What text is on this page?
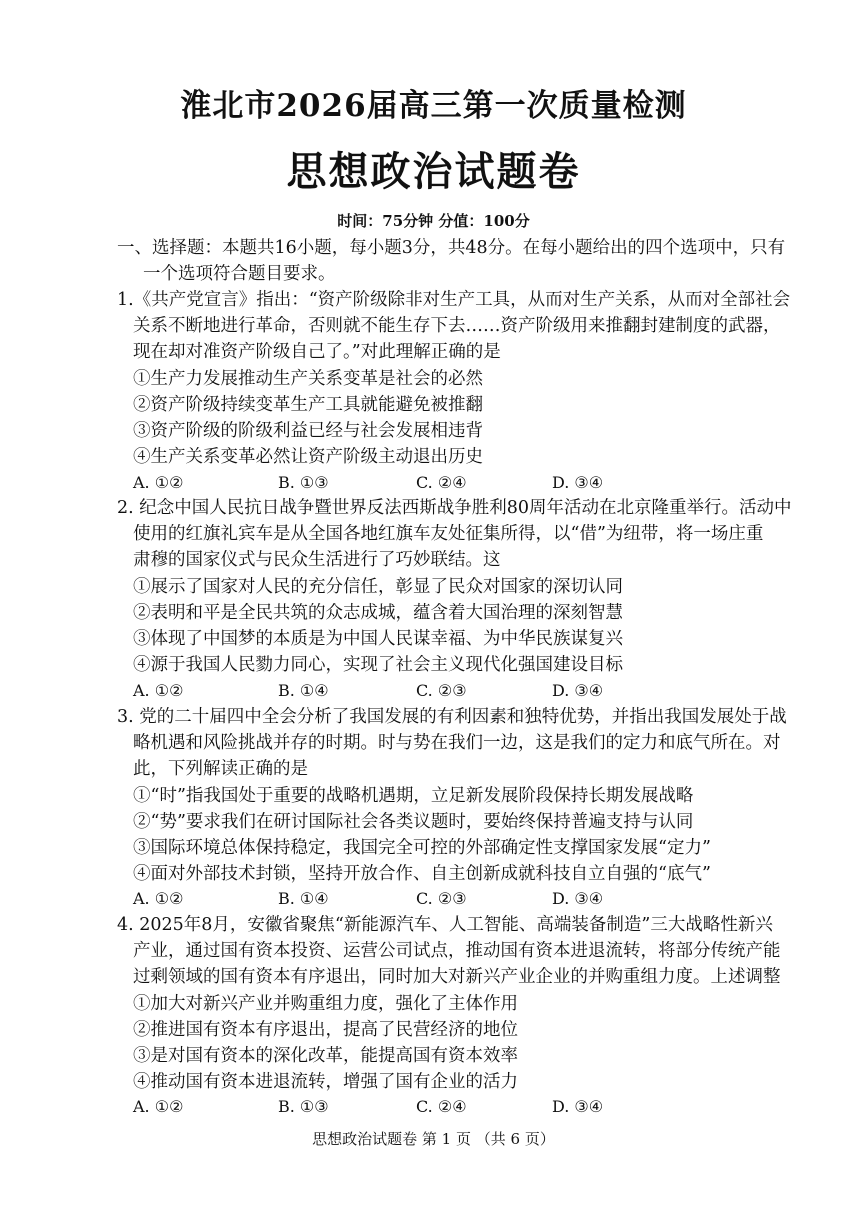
淮北市2026届高三第一次质量检测
思想政治试题卷
时间：75分钟 分值：100分
一、选择题：本题共16小题，每小题3分，共48分。在每小题给出的四个选项中，只有
一个选项符合题目要求。
1.《共产党宣言》指出：“资产阶级除非对生产工具，从而对生产关系，从而对全部社会
关系不断地进行革命，否则就不能生存下去……资产阶级用来推翻封建制度的武器，
现在却对准资产阶级自己了。”对此理解正确的是
①生产力发展推动生产关系变革是社会的必然
②资产阶级持续变革生产工具就能避免被推翻
③资产阶级的阶级利益已经与社会发展相违背
④生产关系变革必然让资产阶级主动退出历史
A. ①②	B. ①③	C. ②④	D. ③④
2. 纪念中国人民抗日战争暨世界反法西斯战争胜利80周年活动在北京隆重举行。活动中
使用的红旗礼宾车是从全国各地红旗车友处征集所得，以“借”为纽带，将一场庄重
肃穆的国家仪式与民众生活进行了巧妙联结。这
①展示了国家对人民的充分信任，彰显了民众对国家的深切认同
②表明和平是全民共筑的众志成城，蕴含着大国治理的深刻智慧
③体现了中国梦的本质是为中国人民谋幸福、为中华民族谋复兴
④源于我国人民勠力同心，实现了社会主义现代化强国建设目标
A. ①②	B. ①④	C. ②③	D. ③④
3. 党的二十届四中全会分析了我国发展的有利因素和独特优势，并指出我国发展处于战
略机遇和风险挑战并存的时期。时与势在我们一边，这是我们的定力和底气所在。对
此，下列解读正确的是
①“时”指我国处于重要的战略机遇期，立足新发展阶段保持长期发展战略
②“势”要求我们在研讨国际社会各类议题时，要始终保持普遍支持与认同
③国际环境总体保持稳定，我国完全可控的外部确定性支撑国家发展“定力”
④面对外部技术封锁，坚持开放合作、自主创新成就科技自立自强的“底气”
A. ①②	B. ①④	C. ②③	D. ③④
4. 2025年8月，安徽省聚焦“新能源汽车、人工智能、高端装备制造”三大战略性新兴
产业，通过国有资本投资、运营公司试点，推动国有资本进退流转，将部分传统产能
过剩领域的国有资本有序退出，同时加大对新兴产业企业的并购重组力度。上述调整
①加大对新兴产业并购重组力度，强化了主体作用
②推进国有资本有序退出，提高了民营经济的地位
③是对国有资本的深化改革，能提高国有资本效率
④推动国有资本进退流转，增强了国有企业的活力
A. ①②	B. ①③	C. ②④	D. ③④
思想政治试题卷 第 1 页 （共 6 页）
